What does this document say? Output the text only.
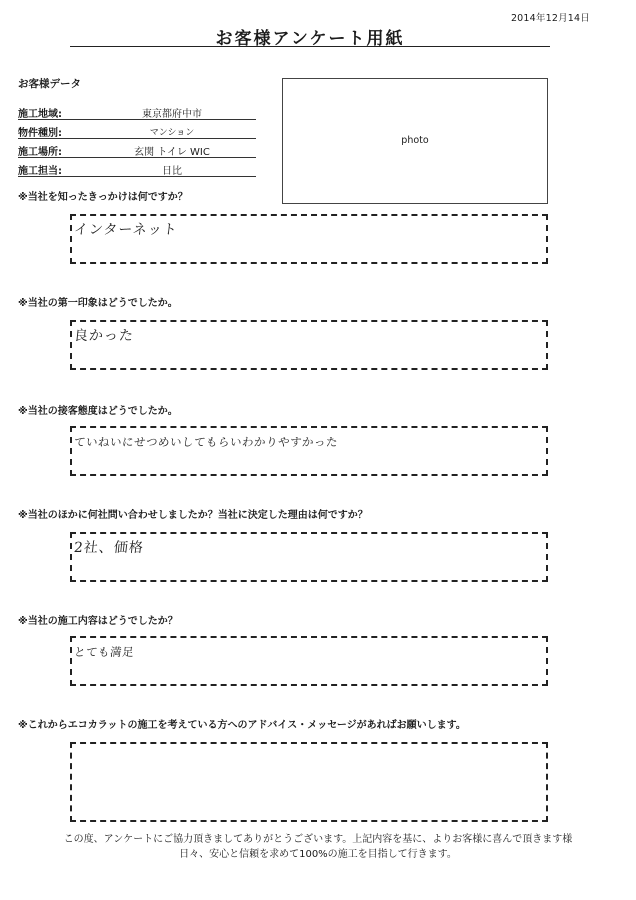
2014年12月14日
お客様アンケート用紙
お客様データ
施工地域:	東京都府中市
物件種別:	マンション
施工場所:	玄関 トイレ WIC
施工担当:	日比
photo
※当社を知ったきっかけは何ですか？
インターネット
※当社の第一印象はどうでしたか。
良かった
※当社の接客態度はどうでしたか。
ていねいにせつめいしてもらいわかりやすかった
※当社のほかに何社問い合わせしましたか？当社に決定した理由は何ですか？
2社、価格
※当社の施工内容はどうでしたか？
とても満足
※これからエコカラットの施工を考えている方へのアドバイス・メッセージがあればお願いします。
この度、アンケートにご協力頂きましてありがとうございます。上記内容を基に、よりお客様に喜んで頂きます様
日々、安心と信頼を求めて100%の施工を目指して行きます。
